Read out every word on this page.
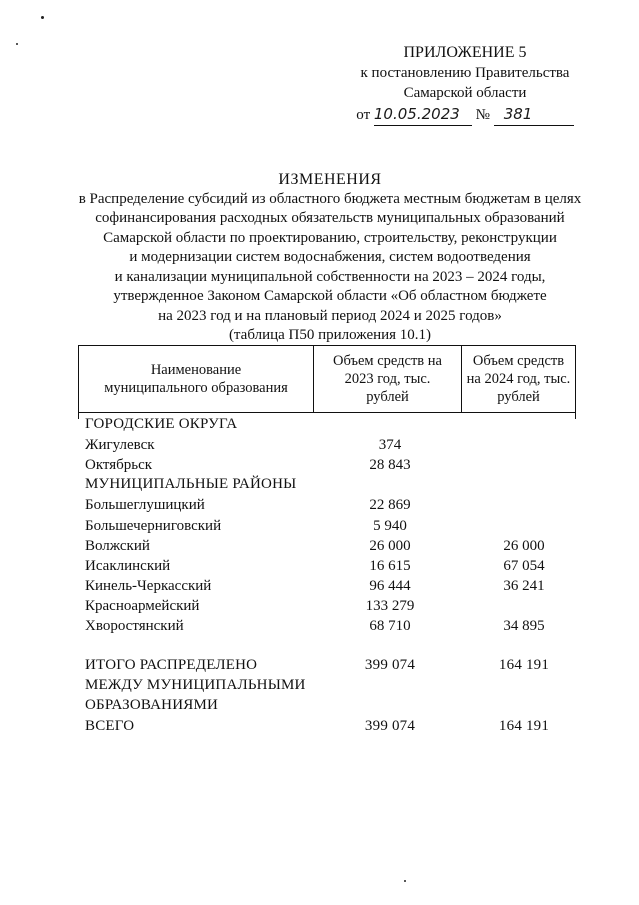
ПРИЛОЖЕНИЕ 5
к постановлению Правительства
Самарской области
от 10.05.2023 № 381
ИЗМЕНЕНИЯ
в Распределение субсидий из областного бюджета местным бюджетам в целях
софинансирования расходных обязательств муниципальных образований
Самарской области по проектированию, строительству, реконструкции
и модернизации систем водоснабжения, систем водоотведения
и канализации муниципальной собственности на 2023 – 2024 годы,
утвержденное Законом Самарской области «Об областном бюджете
на 2023 год и на плановый период 2024 и 2025 годов»
(таблица П50 приложения 10.1)
Наименование муниципального образования
Объем средств на 2023 год, тыс. рублей
Объем средств на 2024 год, тыс. рублей
ГОРОДСКИЕ ОКРУГА
Жигулевск	374
Октябрьск	28 843
МУНИЦИПАЛЬНЫЕ РАЙОНЫ
Большеглушицкий	22 869
Большечерниговский	5 940
Волжский	26 000	26 000
Исаклинский	16 615	67 054
Кинель-Черкасский	96 444	36 241
Красноармейский	133 279
Хворостянский	68 710	34 895
ИТОГО РАСПРЕДЕЛЕНО	399 074	164 191
МЕЖДУ МУНИЦИПАЛЬНЫМИ
ОБРАЗОВАНИЯМИ
ВСЕГО	399 074	164 191
